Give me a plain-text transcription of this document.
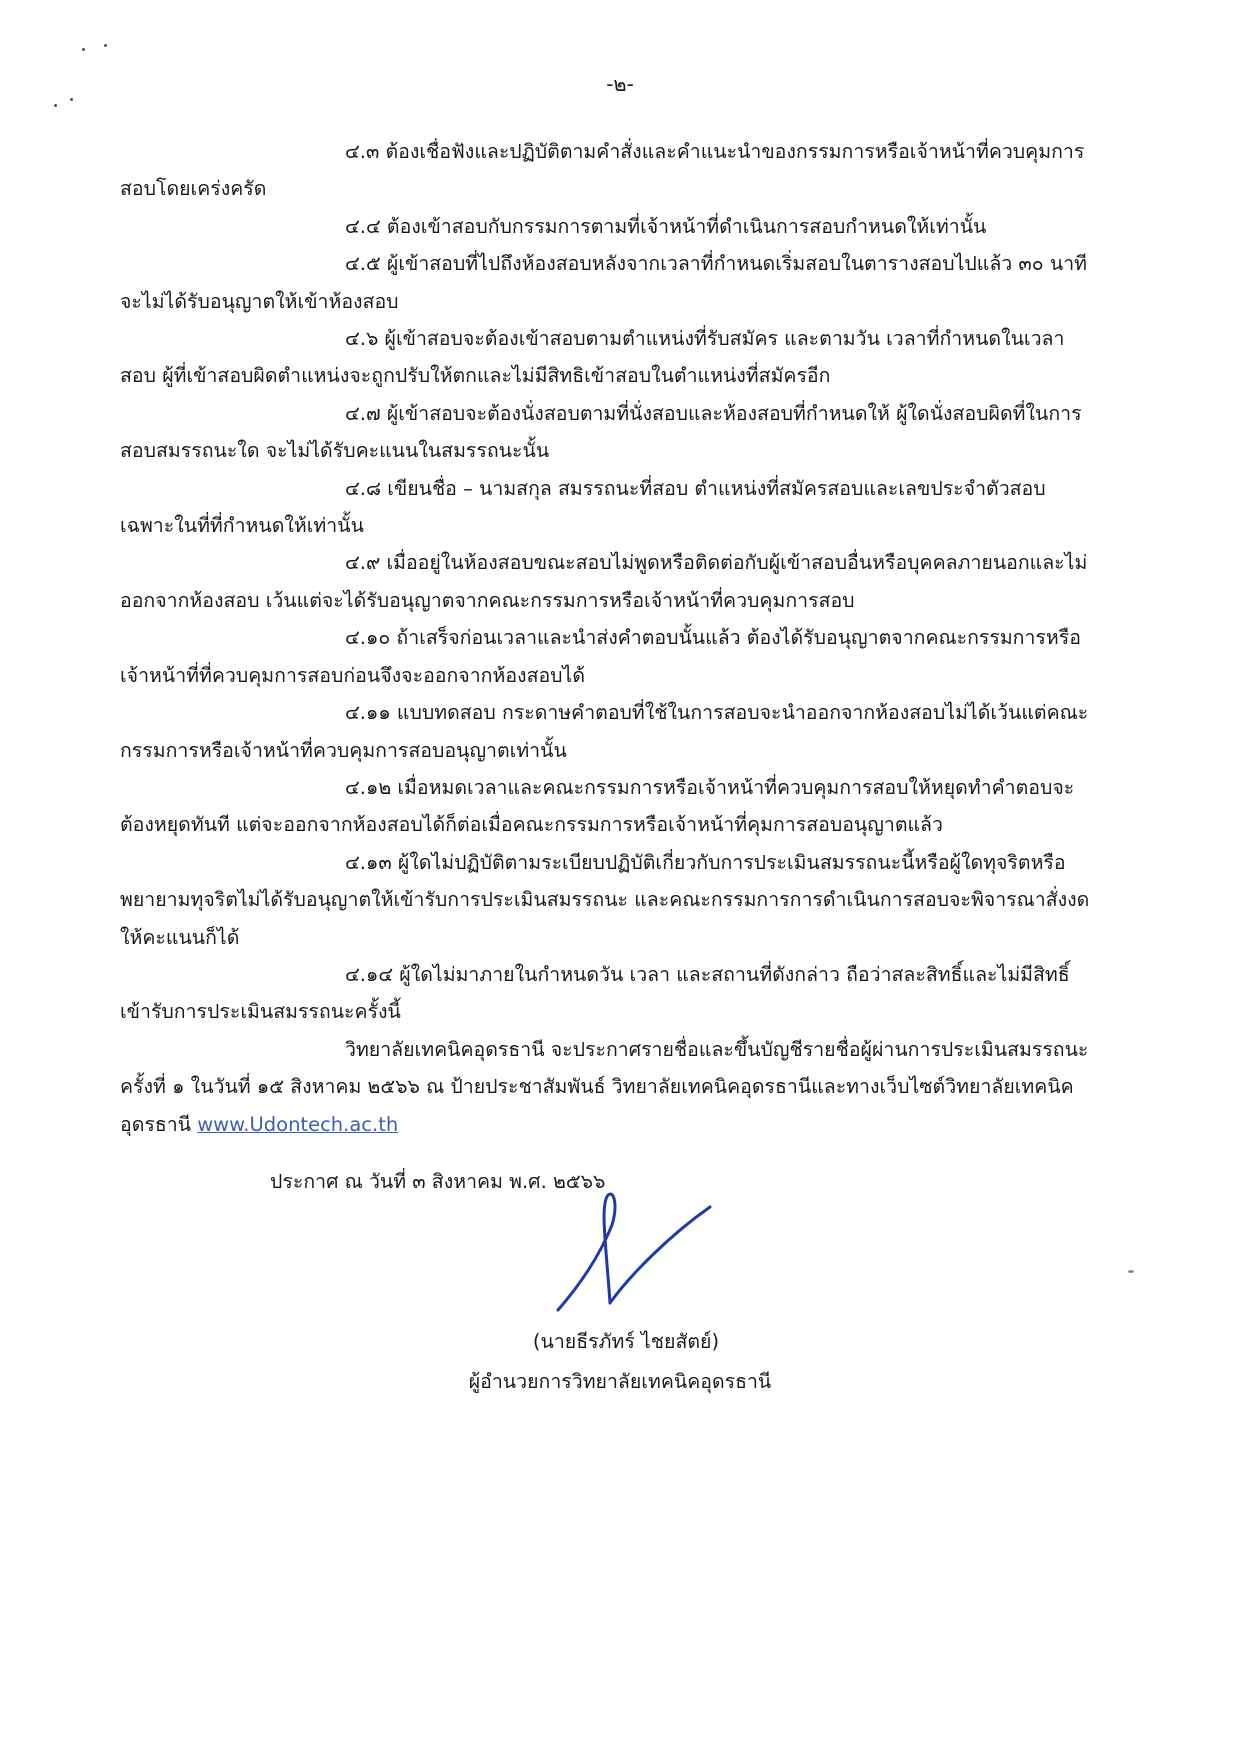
-๒-

๔.๓ ต้องเชื่อฟังและปฏิบัติตามคำสั่งและคำแนะนำของกรรมการหรือเจ้าหน้าที่ควบคุมการสอบโดยเคร่งครัด

๔.๔ ต้องเข้าสอบกับกรรมการตามที่เจ้าหน้าที่ดำเนินการสอบกำหนดให้เท่านั้น

๔.๕ ผู้เข้าสอบที่ไปถึงห้องสอบหลังจากเวลาที่กำหนดเริ่มสอบในตารางสอบไปแล้ว ๓๐ นาที จะไม่ได้รับอนุญาตให้เข้าห้องสอบ

๔.๖ ผู้เข้าสอบจะต้องเข้าสอบตามตำแหน่งที่รับสมัคร และตามวัน เวลาที่กำหนดในเวลาสอบ ผู้ที่เข้าสอบผิดตำแหน่งจะถูกปรับให้ตกและไม่มีสิทธิเข้าสอบในตำแหน่งที่สมัครอีก

๔.๗ ผู้เข้าสอบจะต้องนั่งสอบตามที่นั่งสอบและห้องสอบที่กำหนดให้ ผู้ใดนั่งสอบผิดที่ในการสอบสมรรถนะใด จะไม่ได้รับคะแนนในสมรรถนะนั้น

๔.๘ เขียนชื่อ – นามสกุล สมรรถนะที่สอบ ตำแหน่งที่สมัครสอบและเลขประจำตัวสอบ เฉพาะในที่ที่กำหนดให้เท่านั้น

๔.๙ เมื่ออยู่ในห้องสอบขณะสอบไม่พูดหรือติดต่อกับผู้เข้าสอบอื่นหรือบุคคลภายนอกและไม่ออกจากห้องสอบ เว้นแต่จะได้รับอนุญาตจากคณะกรรมการหรือเจ้าหน้าที่ควบคุมการสอบ

๔.๑๐ ถ้าเสร็จก่อนเวลาและนำส่งคำตอบนั้นแล้ว ต้องได้รับอนุญาตจากคณะกรรมการหรือเจ้าหน้าที่ที่ควบคุมการสอบก่อนจึงจะออกจากห้องสอบได้

๔.๑๑ แบบทดสอบ กระดาษคำตอบที่ใช้ในการสอบจะนำออกจากห้องสอบไม่ได้เว้นแต่คณะกรรมการหรือเจ้าหน้าที่ควบคุมการสอบอนุญาตเท่านั้น

๔.๑๒ เมื่อหมดเวลาและคณะกรรมการหรือเจ้าหน้าที่ควบคุมการสอบให้หยุดทำคำตอบจะต้องหยุดทันที แต่จะออกจากห้องสอบได้ก็ต่อเมื่อคณะกรรมการหรือเจ้าหน้าที่คุมการสอบอนุญาตแล้ว

๔.๑๓ ผู้ใดไม่ปฏิบัติตามระเบียบปฏิบัติเกี่ยวกับการประเมินสมรรถนะนี้หรือผู้ใดทุจริตหรือพยายามทุจริตไม่ได้รับอนุญาตให้เข้ารับการประเมินสมรรถนะ และคณะกรรมการการดำเนินการสอบจะพิจารณาสั่งงดให้คะแนนก็ได้

๔.๑๔ ผู้ใดไม่มาภายในกำหนดวัน เวลา และสถานที่ดังกล่าว ถือว่าสละสิทธิ์และไม่มีสิทธิ์เข้ารับการประเมินสมรรถนะครั้งนี้

วิทยาลัยเทคนิคอุดรธานี จะประกาศรายชื่อและขึ้นบัญชีรายชื่อผู้ผ่านการประเมินสมรรถนะครั้งที่ ๑ ในวันที่ ๑๕ สิงหาคม ๒๕๖๖ ณ ป้ายประชาสัมพันธ์ วิทยาลัยเทคนิคอุดรธานีและทางเว็บไซต์วิทยาลัยเทคนิคอุดรธานี www.Udontech.ac.th

ประกาศ ณ วันที่ ๓ สิงหาคม พ.ศ. ๒๕๖๖
(นายธีรภัทร์ ไชยสัตย์)
ผู้อำนวยการวิทยาลัยเทคนิคอุดรธานี
